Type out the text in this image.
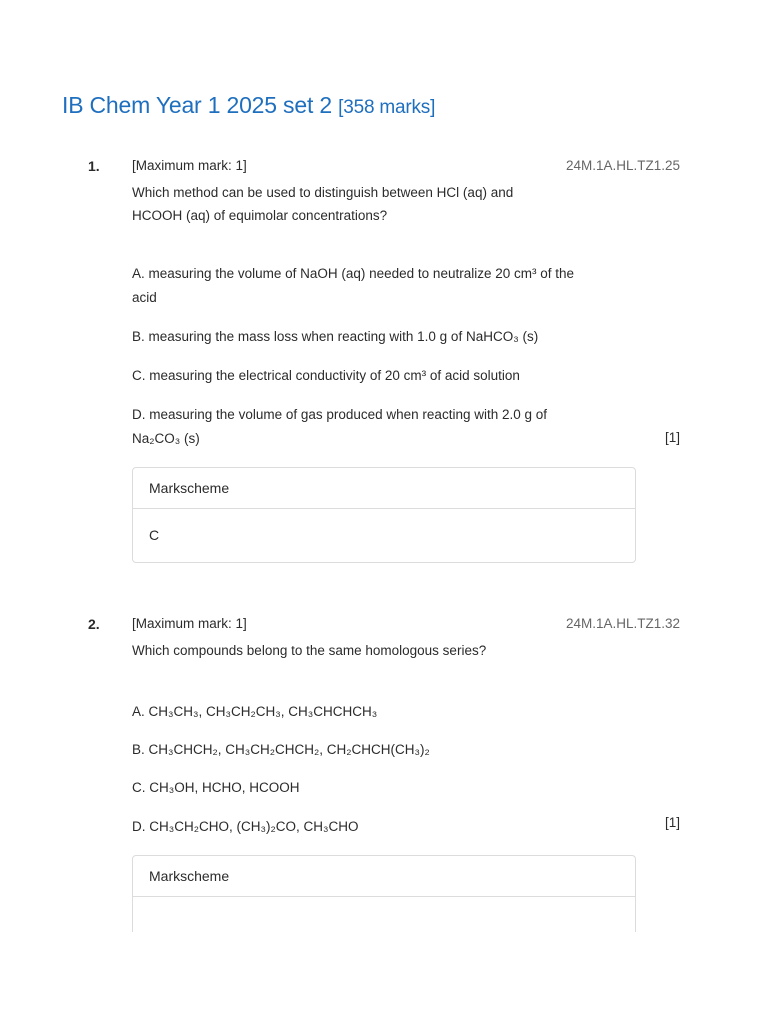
IB Chem Year 1 2025 set 2 [358 marks]
1. [Maximum mark: 1]	24M.1A.HL.TZ1.25
Which method can be used to distinguish between HCl (aq) and HCOOH (aq) of equimolar concentrations?
A. measuring the volume of NaOH (aq) needed to neutralize 20 cm³ of the acid
B. measuring the mass loss when reacting with 1.0 g of NaHCO₃ (s)
C. measuring the electrical conductivity of 20 cm³ of acid solution
D. measuring the volume of gas produced when reacting with 2.0 g of Na₂CO₃ (s)	[1]
Markscheme
C
2. [Maximum mark: 1]	24M.1A.HL.TZ1.32
Which compounds belong to the same homologous series?
A. CH₃CH₃, CH₃CH₂CH₃, CH₃CHCHCH₃
B. CH₃CHCH₂, CH₃CH₂CHCH₂, CH₂CHCH(CH₃)₂
C. CH₃OH, HCHO, HCOOH
D. CH₃CH₂CHO, (CH₃)₂CO, CH₃CHO	[1]
Markscheme
